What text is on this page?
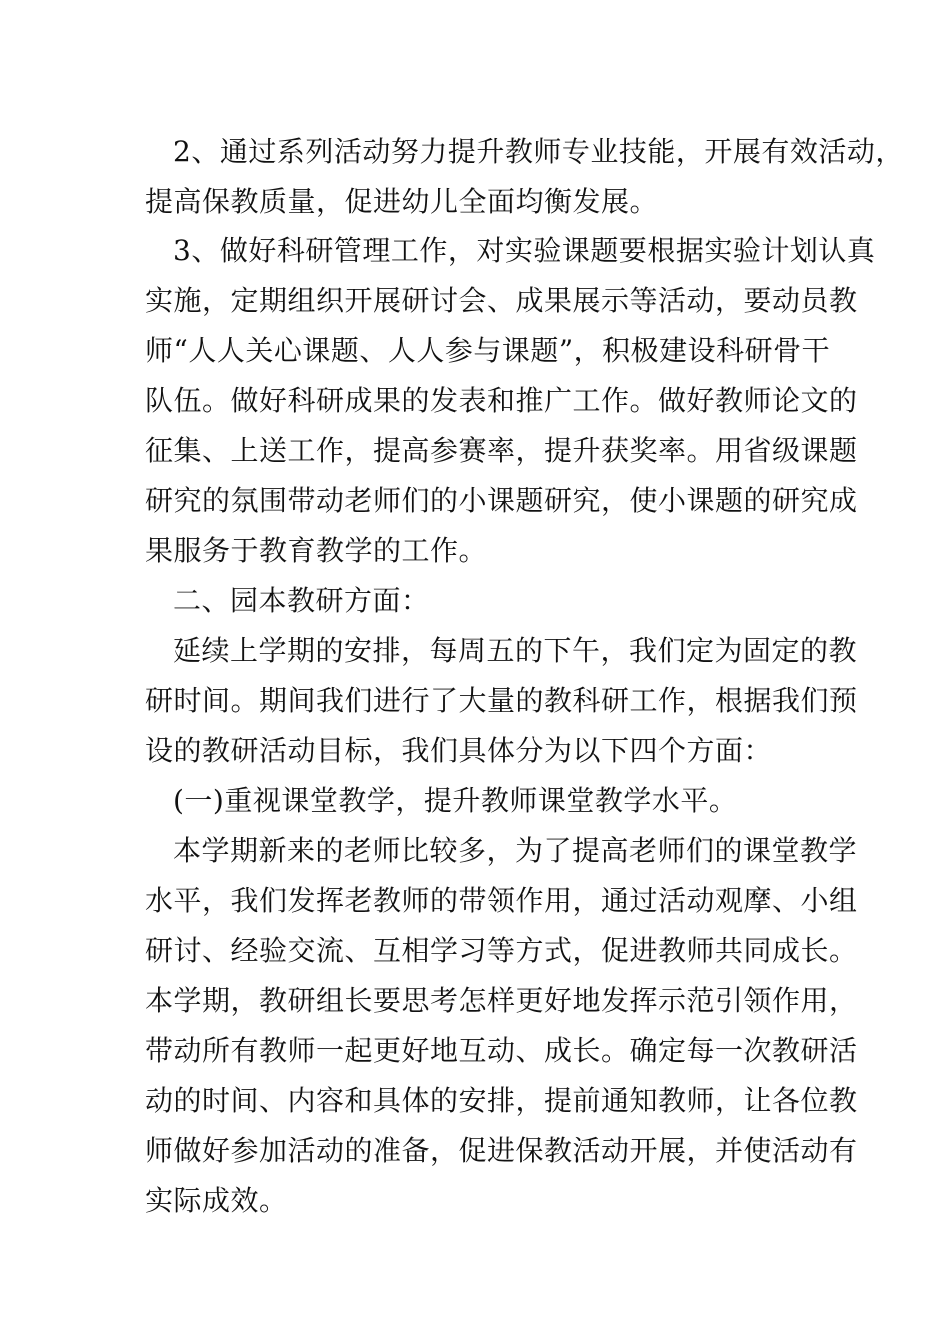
2、通过系列活动努力提升教师专业技能，开展有效活动，
提高保教质量，促进幼儿全面均衡发展。
3、做好科研管理工作，对实验课题要根据实验计划认真
实施，定期组织开展研讨会、成果展示等活动，要动员教
师“人人关心课题、人人参与课题”，积极建设科研骨干
队伍。做好科研成果的发表和推广工作。做好教师论文的
征集、上送工作，提高参赛率，提升获奖率。用省级课题
研究的氛围带动老师们的小课题研究，使小课题的研究成
果服务于教育教学的工作。
二、园本教研方面：
延续上学期的安排，每周五的下午，我们定为固定的教
研时间。期间我们进行了大量的教科研工作，根据我们预
设的教研活动目标，我们具体分为以下四个方面：
(一)重视课堂教学，提升教师课堂教学水平。
本学期新来的老师比较多，为了提高老师们的课堂教学
水平，我们发挥老教师的带领作用，通过活动观摩、小组
研讨、经验交流、互相学习等方式，促进教师共同成长。
本学期，教研组长要思考怎样更好地发挥示范引领作用，
带动所有教师一起更好地互动、成长。确定每一次教研活
动的时间、内容和具体的安排，提前通知教师，让各位教
师做好参加活动的准备，促进保教活动开展，并使活动有
实际成效。
